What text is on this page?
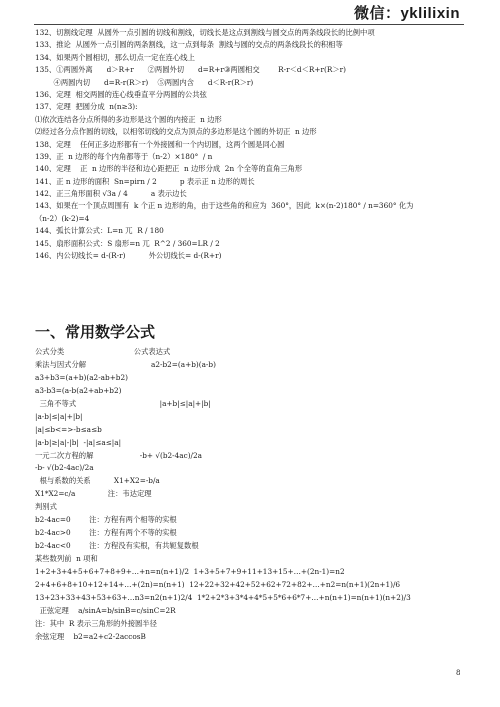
微信：yklilixin
132、切割线定理  从圆外一点引圆的切线和割线，切线长是这点到割线与圆交点的两条线段长的比例中项
133、推论  从圆外一点引圆的两条割线，这一点到每条  割线与圆的交点的两条线段长的积相等
134、如果两个圆相切，那么切点一定在连心线上
135、①两圆外离      d＞R+r      ②两圆外切      d=R+r③两圆相交        R-r＜d＜R+r(R＞r)
④两圆内切      d=R-r(R＞r)    ⑤两圆内含      d＜R-r(R＞r)
136、定理  相交两圆的连心线垂直平分两圆的公共弦
137、定理  把圆分成  n(n≥3):
⑴依次连结各分点所得的多边形是这个圆的内接正  n 边形
⑵经过各分点作圆的切线，以相邻切线的交点为顶点的多边形是这个圆的外切正  n 边形
138、定理    任何正多边形都有一个外接圆和一个内切圆，这两个圆是同心圆
139、正  n 边形的每个内角都等于（n-2）×180°  / n
140、定理    正  n 边形的半径和边心距把正  n 边形分成  2n 个全等的直角三角形
141、正 n 边形的面积  Sn=pirn / 2          p 表示正 n 边形的周长
142、正三角形面积 √3a / 4          a 表示边长
143、如果在一个顶点周围有  k 个正 n 边形的角，由于这些角的和应为  360°，因此  k×(n-2)180° / n=360° 化为
（n-2）(k-2)=4
144、弧长计算公式：L=n 兀  R / 180
145、扇形面积公式：S 扇形=n 兀  R^2 / 360=LR / 2
146、内公切线长= d-(R-r)          外公切线长= d-(R+r)
一、常用数学公式
公式分类                              公式表达式
乘法与因式分解                            a2-b2=(a+b)(a-b)
a3+b3=(a+b)(a2-ab+b2)
a3-b3=(a-b(a2+ab+b2)
三角不等式                                    |a+b|≤|a|+|b|
|a-b|≤|a|+|b|
|a|≤b<=>-b≤a≤b
|a-b|≥|a|-|b|  -|a|≤a≤|a|
一元二次方程的解                    -b+ √(b2-4ac)/2a
-b- √(b2-4ac)/2a
根与系数的关系          X1+X2=-b/a
X1*X2=c/a              注：韦达定理
判别式
b2-4ac=0        注：方程有两个相等的实根
b2-4ac>0        注：方程有两个不等的实根
b2-4ac<0        注：方程没有实根，有共轭复数根
某些数列前  n 项和
1+2+3+4+5+6+7+8+9+…+n=n(n+1)/2  1+3+5+7+9+11+13+15+…+(2n-1)=n2
2+4+6+8+10+12+14+…+(2n)=n(n+1)  12+22+32+42+52+62+72+82+…+n2=n(n+1)(2n+1)/6
13+23+33+43+53+63+…n3=n2(n+1)2/4  1*2+2*3+3*4+4*5+5*6+6*7+…+n(n+1)=n(n+1)(n+2)/3
正弦定理    a/sinA=b/sinB=c/sinC=2R
注：其中  R 表示三角形的外接圆半径
余弦定理    b2=a2+c2-2accosB
8
